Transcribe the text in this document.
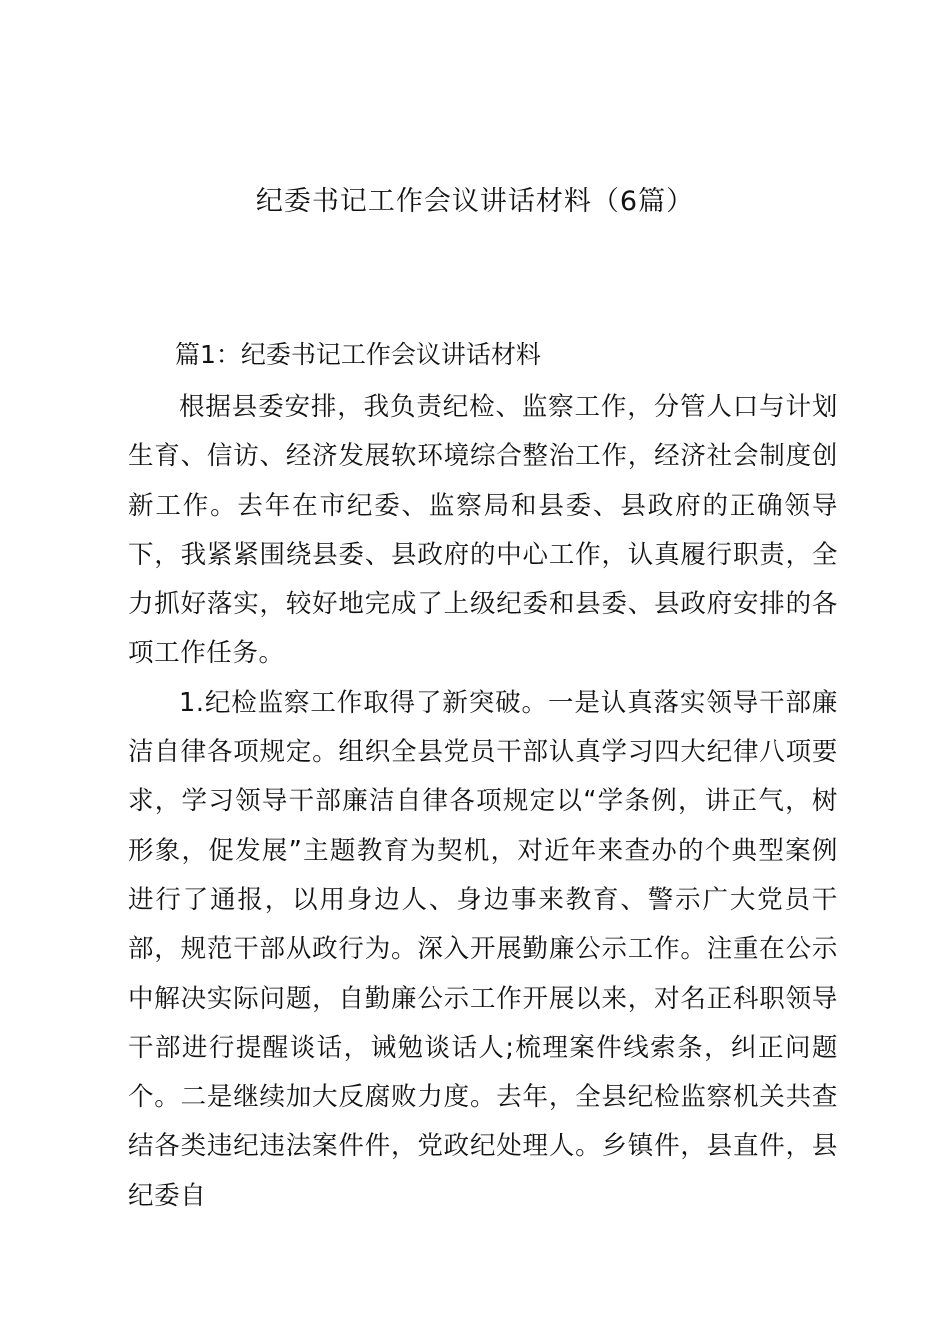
纪委书记工作会议讲话材料（6篇）

篇1：纪委书记工作会议讲话材料

根据县委安排，我负责纪检、监察工作，分管人口与计划生育、信访、经济发展软环境综合整治工作，经济社会制度创新工作。去年在市纪委、监察局和县委、县政府的正确领导下，我紧紧围绕县委、县政府的中心工作，认真履行职责，全力抓好落实，较好地完成了上级纪委和县委、县政府安排的各项工作任务。

1.纪检监察工作取得了新突破。一是认真落实领导干部廉洁自律各项规定。组织全县党员干部认真学习四大纪律八项要求，学习领导干部廉洁自律各项规定以“学条例，讲正气，树形象，促发展”主题教育为契机，对近年来查办的个典型案例进行了通报，以用身边人、身边事来教育、警示广大党员干部，规范干部从政行为。深入开展勤廉公示工作。注重在公示中解决实际问题，自勤廉公示工作开展以来，对名正科职领导干部进行提醒谈话，诫勉谈话人;梳理案件线索条，纠正问题个。二是继续加大反腐败力度。去年，全县纪检监察机关共查结各类违纪违法案件件，党政纪处理人。乡镇件，县直件，县纪委自
